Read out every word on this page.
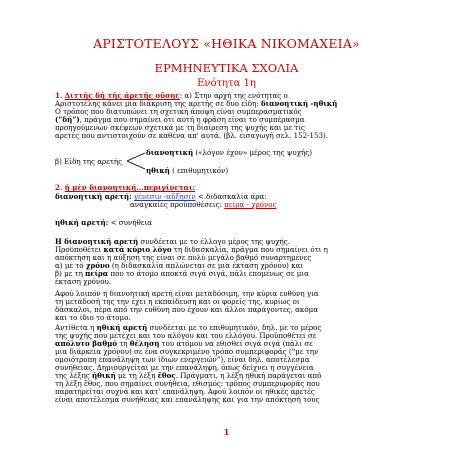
ΑΡΙΣΤΟΤΕΛΟΥΣ «ΗΘΙΚΑ ΝΙΚΟΜΑΧΕΙΑ»
ΕΡΜΗΝΕΥΤΙΚΑ ΣΧΟΛΙΑ
Ενότητα 1η
1. Διττῆς δή τῆς ἀρετῆς οὔσης: α) Στην αρχή της ενότητας ο
Αριστοτέλης κάνει μια διάκριση της αρετής σε δυο είδη: διανοητική -ηθική
Ο τρόπος που διατυπώνει τη σχετική άποψη είναι συμπερασματικός
(“δή”), πράγμα που σημαίνει ότι αυτή η φράση είναι το συμπέρασμα
προηγούμενων σκέψεων σχετικά με τη διαίρεση της ψυχής και με τις
αρετές που αντιστοιχούν σε καθένα απ' αυτά. (βλ. εισαγωγή σελ. 152-153).
διανοητική («λόγον έχον» μέρος της ψυχής)
β) Είδη της αρετής
ηθική ( επιθυμητικόν)
2. ἡ μὲν διανοητική...περιγίνεται:
διανοητική αρετή: γένεσιν -αὔξησιν < διδασκαλία άρα:
αναγκαίες προϋποθέσεις: πείρα - χρόνος
ηθική αρετή: < συνήθεια
Η διανοητική αρετή συνδέεται με το έλλογο μέρος της ψυχής.
Προϋποθέτει κατά κύριο λόγο τη διδασκαλία, πράγμα που σημαίνει ότι η
απόκτηση και η αύξηση της είναι σε πολύ μεγάλο βαθμό συναρτημένες
α) με το χρόνο (η διδασκαλία απλώνεται σε μια έκταση χρόνου) και
β) με τη πείρα που το άτομο αποκτά σιγά σιγά, πάλι επομένως σε μια
έκταση χρόνου.
Αφού λοιπόν η διανοητική αρετή είναι μεταδόσιμη, την κύρια ευθύνη για
τη μετάδοσή της την έχει η εκπαίδευση και οι φορείς της, κυρίως οι
δάσκαλοι, πέρα από την ευθύνη που έχουν και άλλοι παράγοντες, ακόμα
και το ίδιο το άτομο.
Αντίθετα η ηθική αρετή συνδέεται με το επιθυμητικόν, δηλ. με το μέρος
της ψυχής που μετέχει και του αλόγου και του ελλόγου. Προϋποθέτει σε
απόλυτο βαθμό τη θέληση του ατόμου να εθισθεί σιγά σιγά (πάλι σε
μια διάρκεια χρόνου) σε ένα συγκεκριμένο τρόπο συμπεριφοράς (“με την
ομοιότροπη επανάληψη των ίδιων ενεργειών”), είναι δηλ. αποτέλεσμα
συνήθειας. Δημιουργείται με την επανάληψη, όπως δείχνει η συγγένεια
της λέξης ἠθική με τη λέξη ἔθος. Πράγματι, η λέξη ηθική παράγεται από
τη λέξη ἔθος, που σημαίνει συνήθεια, εθισμός: τρόπος συμπεριφοράς που
παρατηρείται συχνά και κατ' επανάληψη. Αφού λοιπόν οι ηθικές αρετές
είναι αποτέλεσμα συνήθειας και επανάληψης και για την απόκτησή τους
1
